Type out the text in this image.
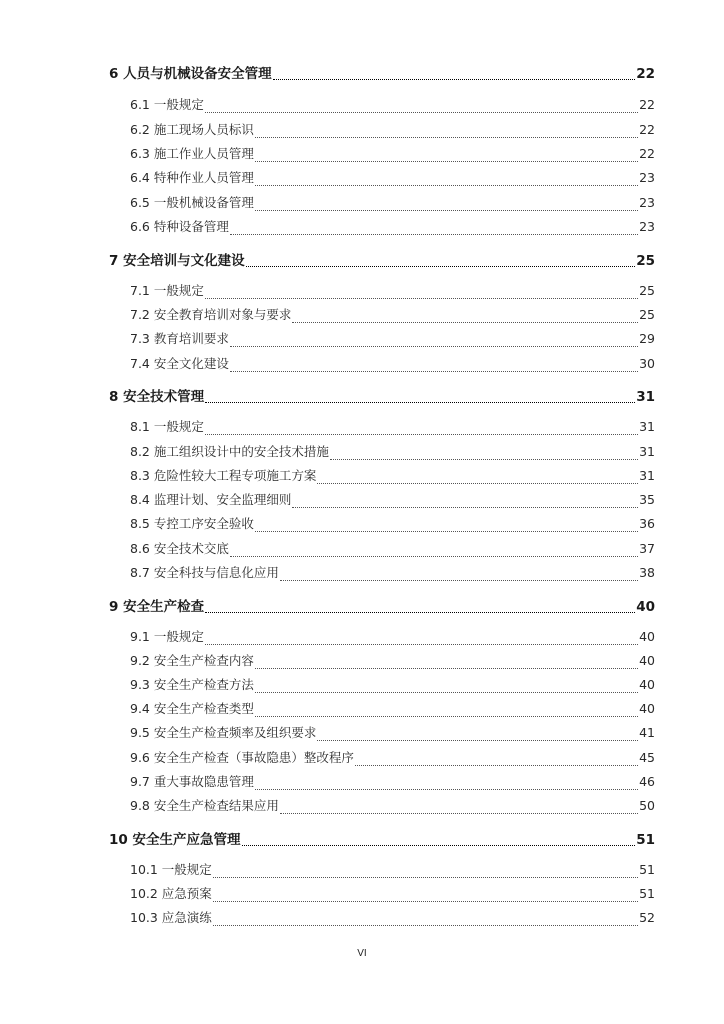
6 人员与机械设备安全管理	22
6.1 一般规定	22
6.2 施工现场人员标识	22
6.3 施工作业人员管理	22
6.4 特种作业人员管理	23
6.5 一般机械设备管理	23
6.6 特种设备管理	23
7 安全培训与文化建设	25
7.1 一般规定	25
7.2 安全教育培训对象与要求	25
7.3 教育培训要求	29
7.4 安全文化建设	30
8 安全技术管理	31
8.1 一般规定	31
8.2 施工组织设计中的安全技术措施	31
8.3 危险性较大工程专项施工方案	31
8.4 监理计划、安全监理细则	35
8.5 专控工序安全验收	36
8.6 安全技术交底	37
8.7 安全科技与信息化应用	38
9 安全生产检查	40
9.1 一般规定	40
9.2 安全生产检查内容	40
9.3 安全生产检查方法	40
9.4 安全生产检查类型	40
9.5 安全生产检查频率及组织要求	41
9.6 安全生产检查（事故隐患）整改程序	45
9.7 重大事故隐患管理	46
9.8 安全生产检查结果应用	50
10 安全生产应急管理	51
10.1 一般规定	51
10.2 应急预案	51
10.3 应急演练	52
VI
